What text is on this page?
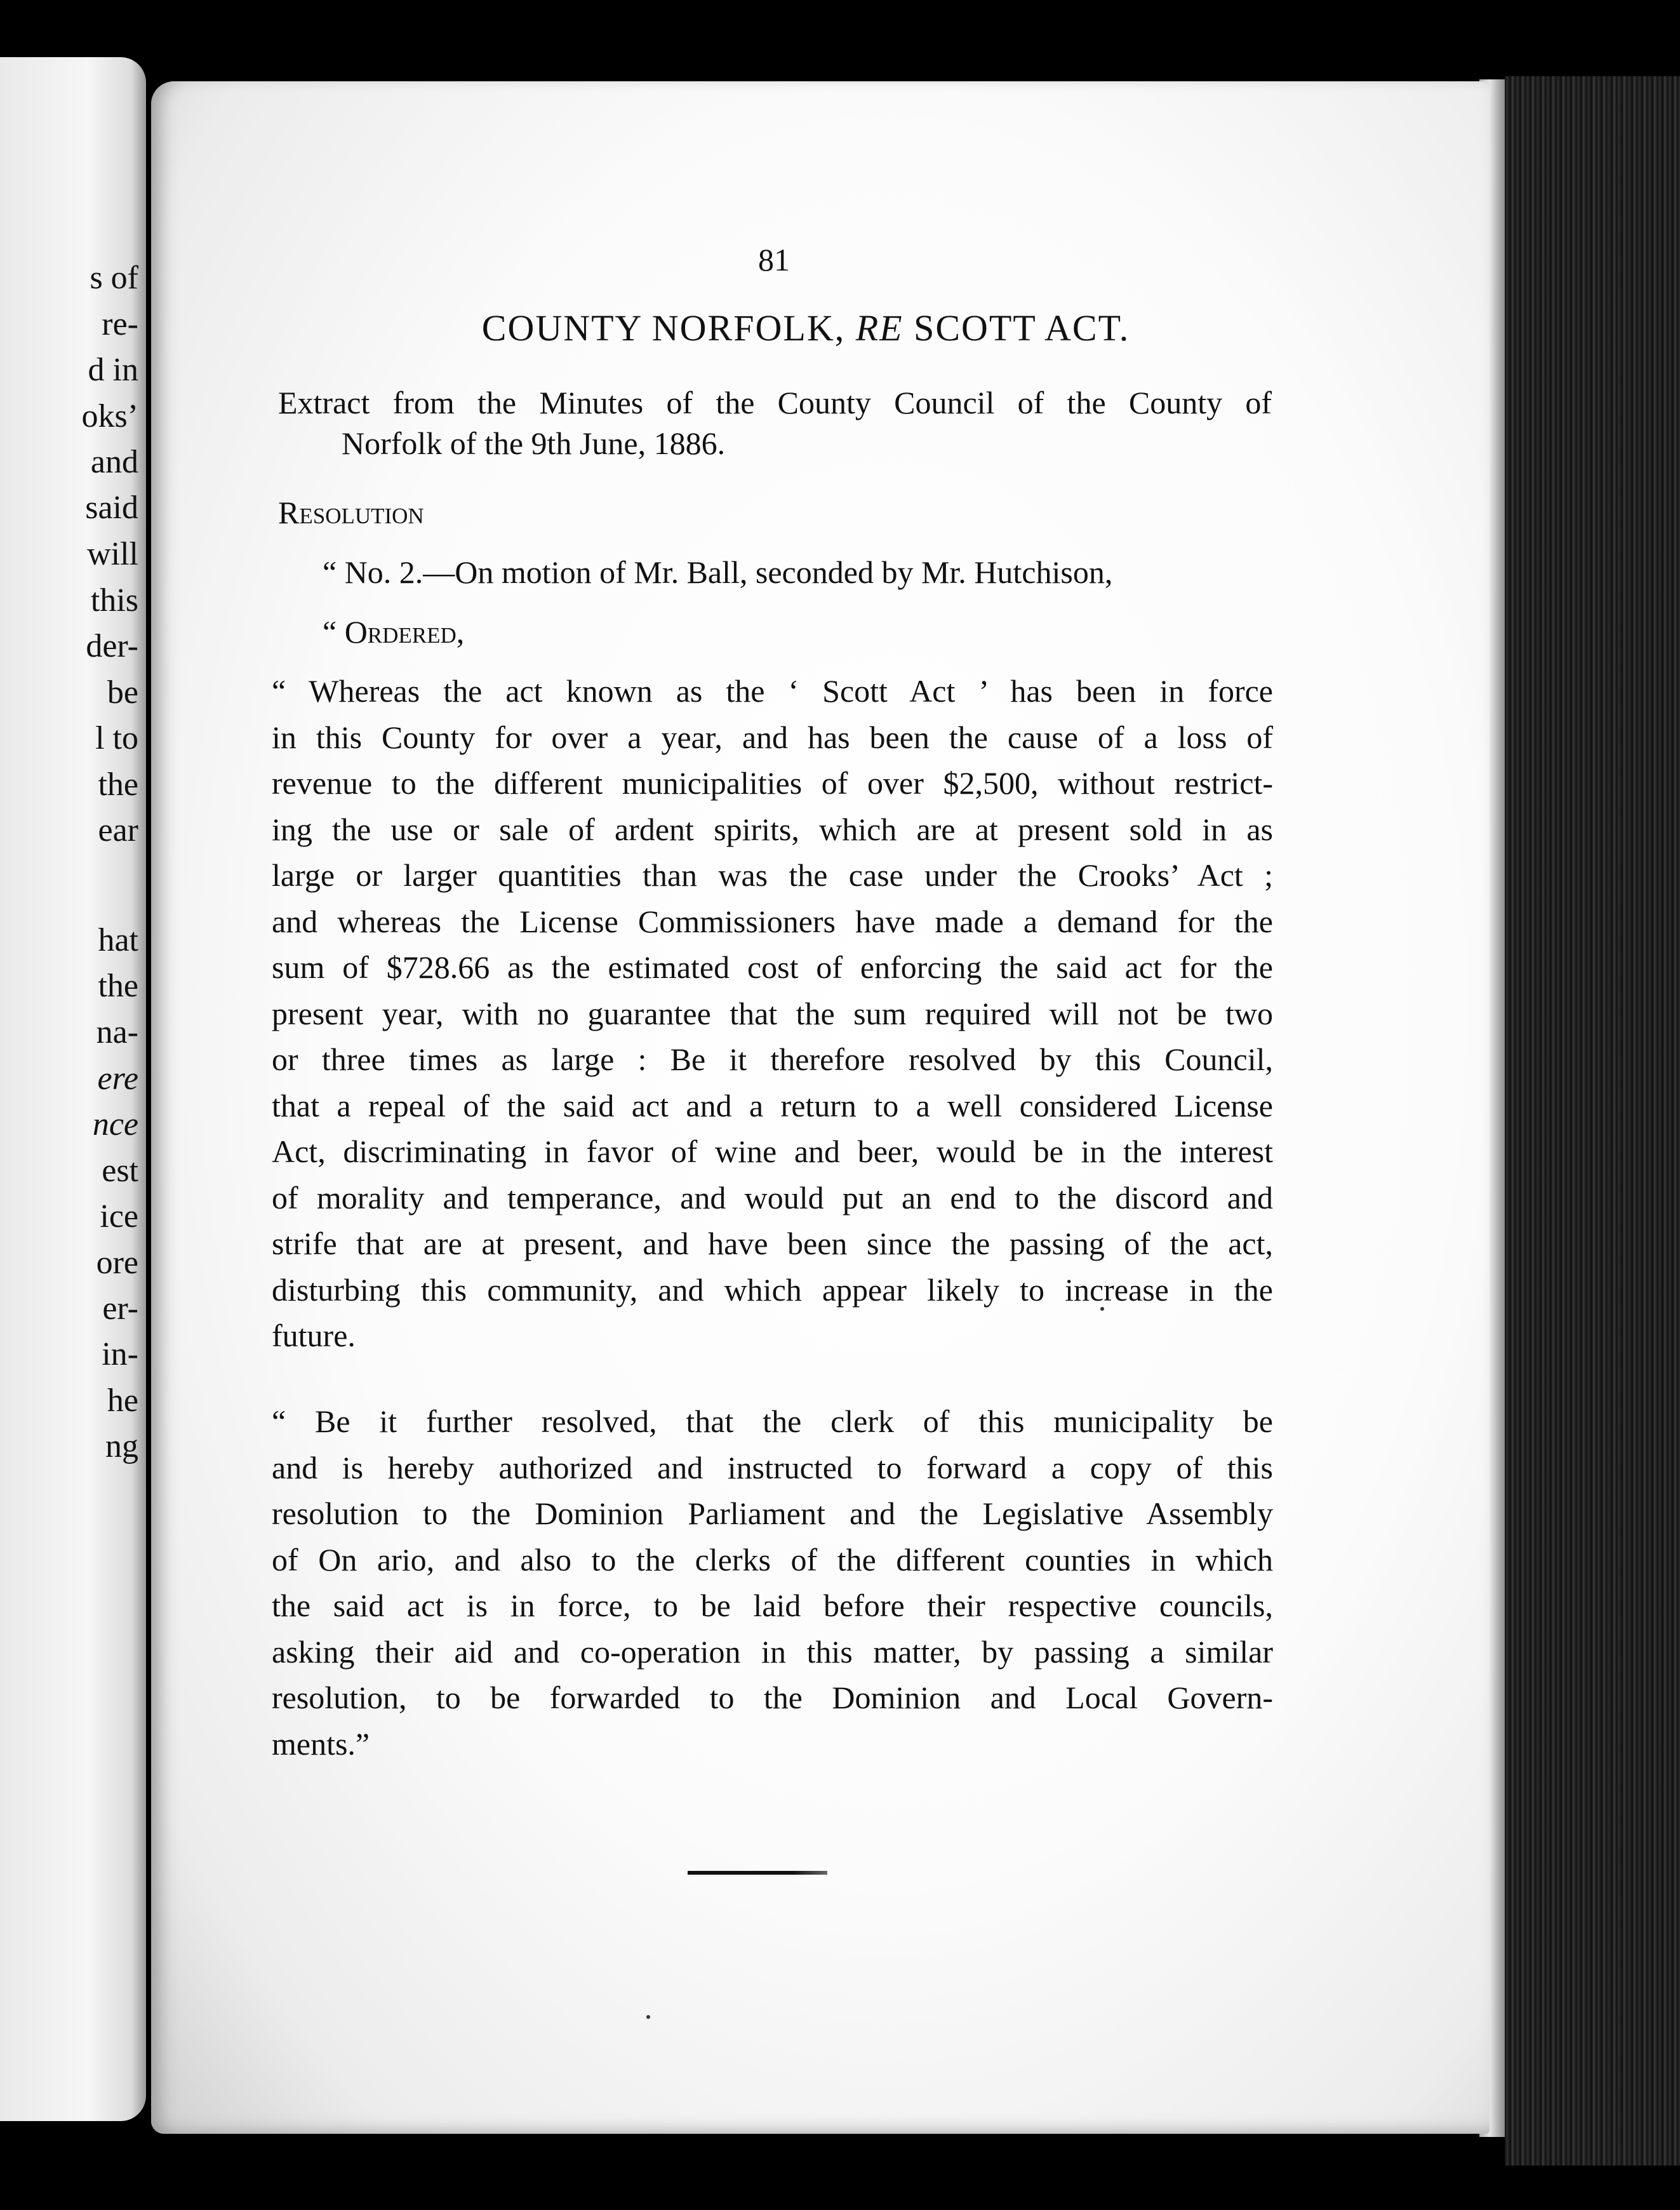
s of
re-
d in
oks’
and
said
will
this
der-
be
l to
the
ear
hat
the
na-
ere
nce
est
ice
ore
er-
in-
he
ng
81
COUNTY NORFOLK, RE SCOTT ACT.
Extract from the Minutes of the County Council of the County of
Norfolk of the 9th June, 1886.
Resolution
“ No. 2.—On motion of Mr. Ball, seconded by Mr. Hutchison,
“ Ordered,
“ Whereas the act known as the ‘ Scott Act ’ has been in force
in this County for over a year, and has been the cause of a loss of
revenue to the different municipalities of over $2,500, without restrict-
ing the use or sale of ardent spirits, which are at present sold in as
large or larger quantities than was the case under the Crooks’ Act ;
and whereas the License Commissioners have made a demand for the
sum of $728.66 as the estimated cost of enforcing the said act for the
present year, with no guarantee that the sum required will not be two
or three times as large : Be it therefore resolved by this Council,
that a repeal of the said act and a return to a well considered License
Act, discriminating in favor of wine and beer, would be in the interest
of morality and temperance, and would put an end to the discord and
strife that are at present, and have been since the passing of the act,
disturbing this community, and which appear likely to increase in the
future.
“ Be it further resolved, that the clerk of this municipality be
and is hereby authorized and instructed to forward a copy of this
resolution to the Dominion Parliament and the Legislative Assembly
of On ario, and also to the clerks of the different counties in which
the said act is in force, to be laid before their respective councils,
asking their aid and co-operation in this matter, by passing a similar
resolution, to be forwarded to the Dominion and Local Govern-
ments.”
